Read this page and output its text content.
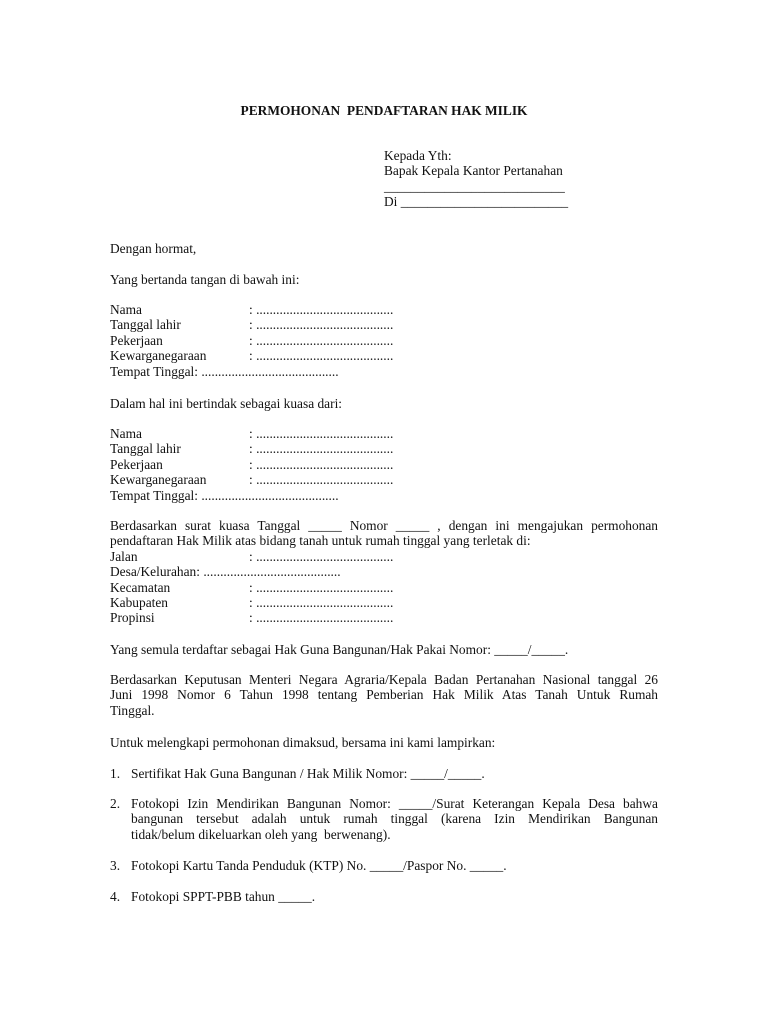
PERMOHONAN  PENDAFTARAN HAK MILIK
Kepada Yth:
Bapak Kepala Kantor Pertanahan
___________________________
Di _________________________
Dengan hormat,
Yang bertanda tangan di bawah ini:
Nama	: .........................................
Tanggal lahir	: .........................................
Pekerjaan	: .........................................
Kewarganegaraan	: .........................................
Tempat Tinggal : .........................................
Dalam hal ini bertindak sebagai kuasa dari:
Nama	: .........................................
Tanggal lahir	: .........................................
Pekerjaan	: .........................................
Kewarganegaraan	: .........................................
Tempat Tinggal : .........................................
Berdasarkan surat kuasa Tanggal _____ Nomor _____ , dengan ini mengajukan permohonan
pendaftaran Hak Milik atas bidang tanah untuk rumah tinggal yang terletak di:
Jalan	: .........................................
Desa/Kelurahan : .........................................
Kecamatan	: .........................................
Kabupaten	: .........................................
Propinsi	: .........................................
Yang semula terdaftar sebagai Hak Guna Bangunan/Hak Pakai Nomor: _____/_____.
Berdasarkan Keputusan Menteri Negara Agraria/Kepala Badan Pertanahan Nasional tanggal 26
Juni 1998 Nomor 6 Tahun 1998 tentang Pemberian Hak Milik Atas Tanah Untuk Rumah
Tinggal.
Untuk melengkapi permohonan dimaksud, bersama ini kami lampirkan:
1. Sertifikat Hak Guna Bangunan / Hak Milik Nomor: _____/_____.
2. Fotokopi Izin Mendirikan Bangunan Nomor: _____/Surat Keterangan Kepala Desa bahwa
bangunan tersebut adalah untuk rumah tinggal (karena Izin Mendirikan Bangunan
tidak/belum dikeluarkan oleh yang  berwenang).
3. Fotokopi Kartu Tanda Penduduk (KTP) No. _____/Paspor No. _____.
4. Fotokopi SPPT-PBB tahun _____.
